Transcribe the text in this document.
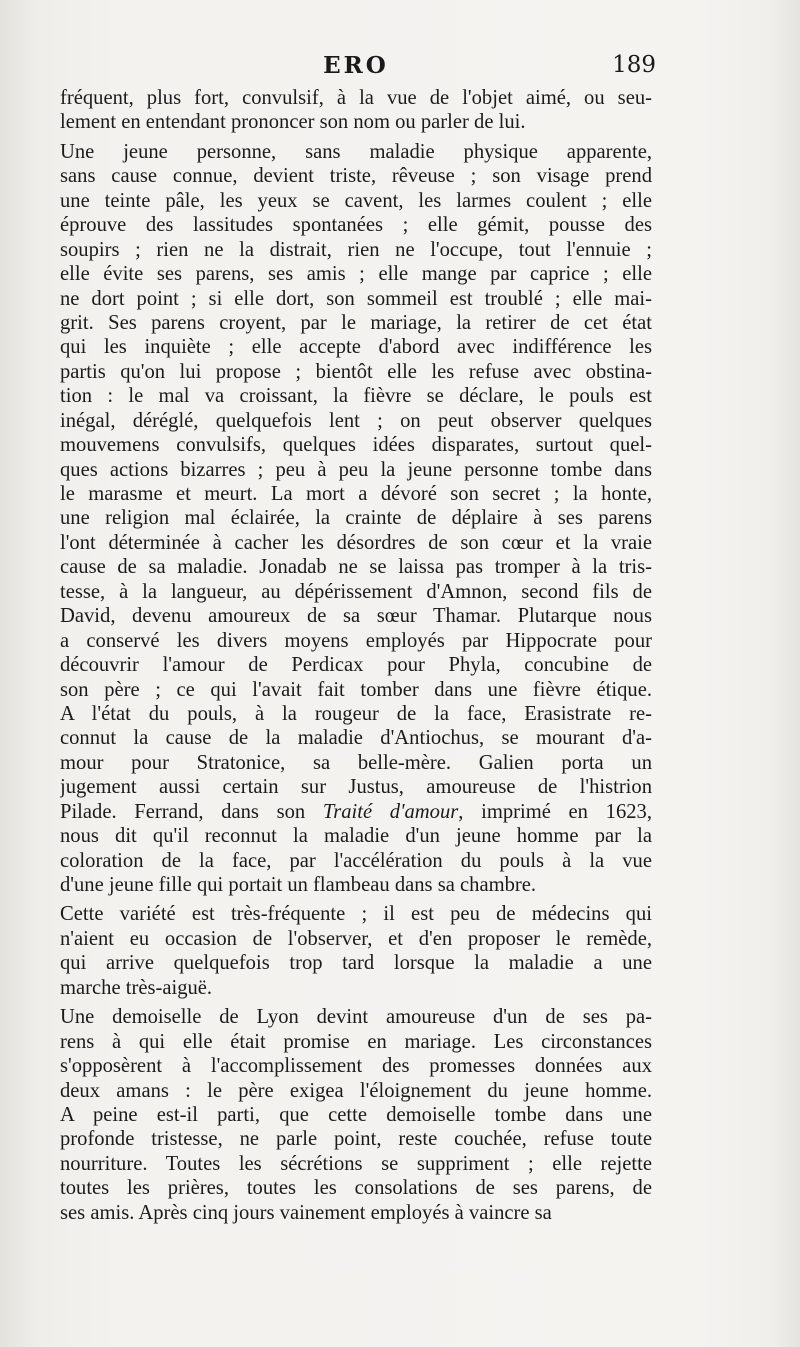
ERO	189
fréquent, plus fort, convulsif, à la vue de l'objet aimé, ou seu-
lement en entendant prononcer son nom ou parler de lui.
Une jeune personne, sans maladie physique apparente,
sans cause connue, devient triste, rêveuse ; son visage prend
une teinte pâle, les yeux se cavent, les larmes coulent ; elle
éprouve des lassitudes spontanées ; elle gémit, pousse des
soupirs ; rien ne la distrait, rien ne l'occupe, tout l'ennuie ;
elle évite ses parens, ses amis ; elle mange par caprice ; elle
ne dort point ; si elle dort, son sommeil est troublé ; elle mai-
grit. Ses parens croyent, par le mariage, la retirer de cet état
qui les inquiète ; elle accepte d'abord avec indifférence les
partis qu'on lui propose ; bientôt elle les refuse avec obstina-
tion : le mal va croissant, la fièvre se déclare, le pouls est
inégal, déréglé, quelquefois lent ; on peut observer quelques
mouvemens convulsifs, quelques idées disparates, surtout quel-
ques actions bizarres ; peu à peu la jeune personne tombe dans
le marasme et meurt. La mort a dévoré son secret ; la honte,
une religion mal éclairée, la crainte de déplaire à ses parens
l'ont déterminée à cacher les désordres de son cœur et la vraie
cause de sa maladie. Jonadab ne se laissa pas tromper à la tris-
tesse, à la langueur, au dépérissement d'Amnon, second fils de
David, devenu amoureux de sa sœur Thamar. Plutarque nous
a conservé les divers moyens employés par Hippocrate pour
découvrir l'amour de Perdicax pour Phyla, concubine de
son père ; ce qui l'avait fait tomber dans une fièvre étique.
A l'état du pouls, à la rougeur de la face, Erasistrate re-
connut la cause de la maladie d'Antiochus, se mourant d'a-
mour pour Stratonice, sa belle-mère. Galien porta un
jugement aussi certain sur Justus, amoureuse de l'histrion
Pilade. Ferrand, dans son Traité d'amour, imprimé en 1623,
nous dit qu'il reconnut la maladie d'un jeune homme par la
coloration de la face, par l'accélération du pouls à la vue
d'une jeune fille qui portait un flambeau dans sa chambre.
Cette variété est très-fréquente ; il est peu de médecins qui
n'aient eu occasion de l'observer, et d'en proposer le remède,
qui arrive quelquefois trop tard lorsque la maladie a une
marche très-aiguë.
Une demoiselle de Lyon devint amoureuse d'un de ses pa-
rens à qui elle était promise en mariage. Les circonstances
s'opposèrent à l'accomplissement des promesses données aux
deux amans : le père exigea l'éloignement du jeune homme.
A peine est-il parti, que cette demoiselle tombe dans une
profonde tristesse, ne parle point, reste couchée, refuse toute
nourriture. Toutes les sécrétions se suppriment ; elle rejette
toutes les prières, toutes les consolations de ses parens, de
ses amis. Après cinq jours vainement employés à vaincre sa
